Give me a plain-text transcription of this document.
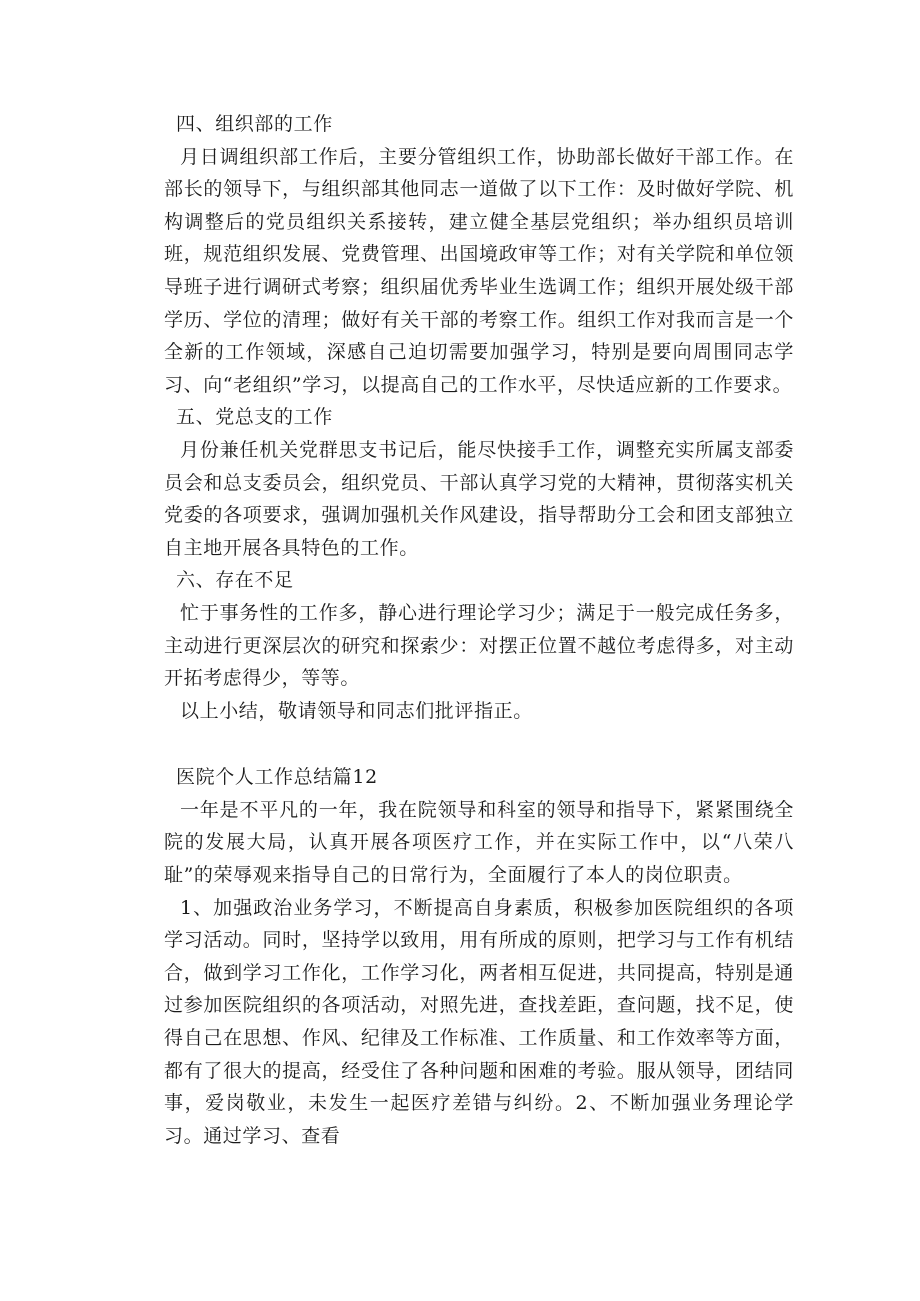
四、组织部的工作

月日调组织部工作后，主要分管组织工作，协助部长做好干部工作。在部长的领导下，与组织部其他同志一道做了以下工作：及时做好学院、机构调整后的党员组织关系接转，建立健全基层党组织；举办组织员培训班，规范组织发展、党费管理、出国境政审等工作；对有关学院和单位领导班子进行调研式考察；组织届优秀毕业生选调工作；组织开展处级干部学历、学位的清理；做好有关干部的考察工作。组织工作对我而言是一个全新的工作领域，深感自己迫切需要加强学习，特别是要向周围同志学习、向“老组织”学习，以提高自己的工作水平，尽快适应新的工作要求。

五、党总支的工作

月份兼任机关党群思支书记后，能尽快接手工作，调整充实所属支部委员会和总支委员会，组织党员、干部认真学习党的大精神，贯彻落实机关党委的各项要求，强调加强机关作风建设，指导帮助分工会和团支部独立自主地开展各具特色的工作。

六、存在不足

忙于事务性的工作多，静心进行理论学习少；满足于一般完成任务多，主动进行更深层次的研究和探索少：对摆正位置不越位考虑得多，对主动开拓考虑得少，等等。

以上小结，敬请领导和同志们批评指正。

医院个人工作总结篇12

一年是不平凡的一年，我在院领导和科室的领导和指导下，紧紧围绕全院的发展大局，认真开展各项医疗工作，并在实际工作中，以“八荣八耻”的荣辱观来指导自己的日常行为，全面履行了本人的岗位职责。

1、加强政治业务学习，不断提高自身素质，积极参加医院组织的各项学习活动。同时，坚持学以致用，用有所成的原则，把学习与工作有机结合，做到学习工作化，工作学习化，两者相互促进，共同提高，特别是通过参加医院组织的各项活动，对照先进，查找差距，查问题，找不足，使得自己在思想、作风、纪律及工作标准、工作质量、和工作效率等方面，都有了很大的提高，经受住了各种问题和困难的考验。服从领导，团结同事，爱岗敬业，未发生一起医疗差错与纠纷。2、不断加强业务理论学习。通过学习、查看
